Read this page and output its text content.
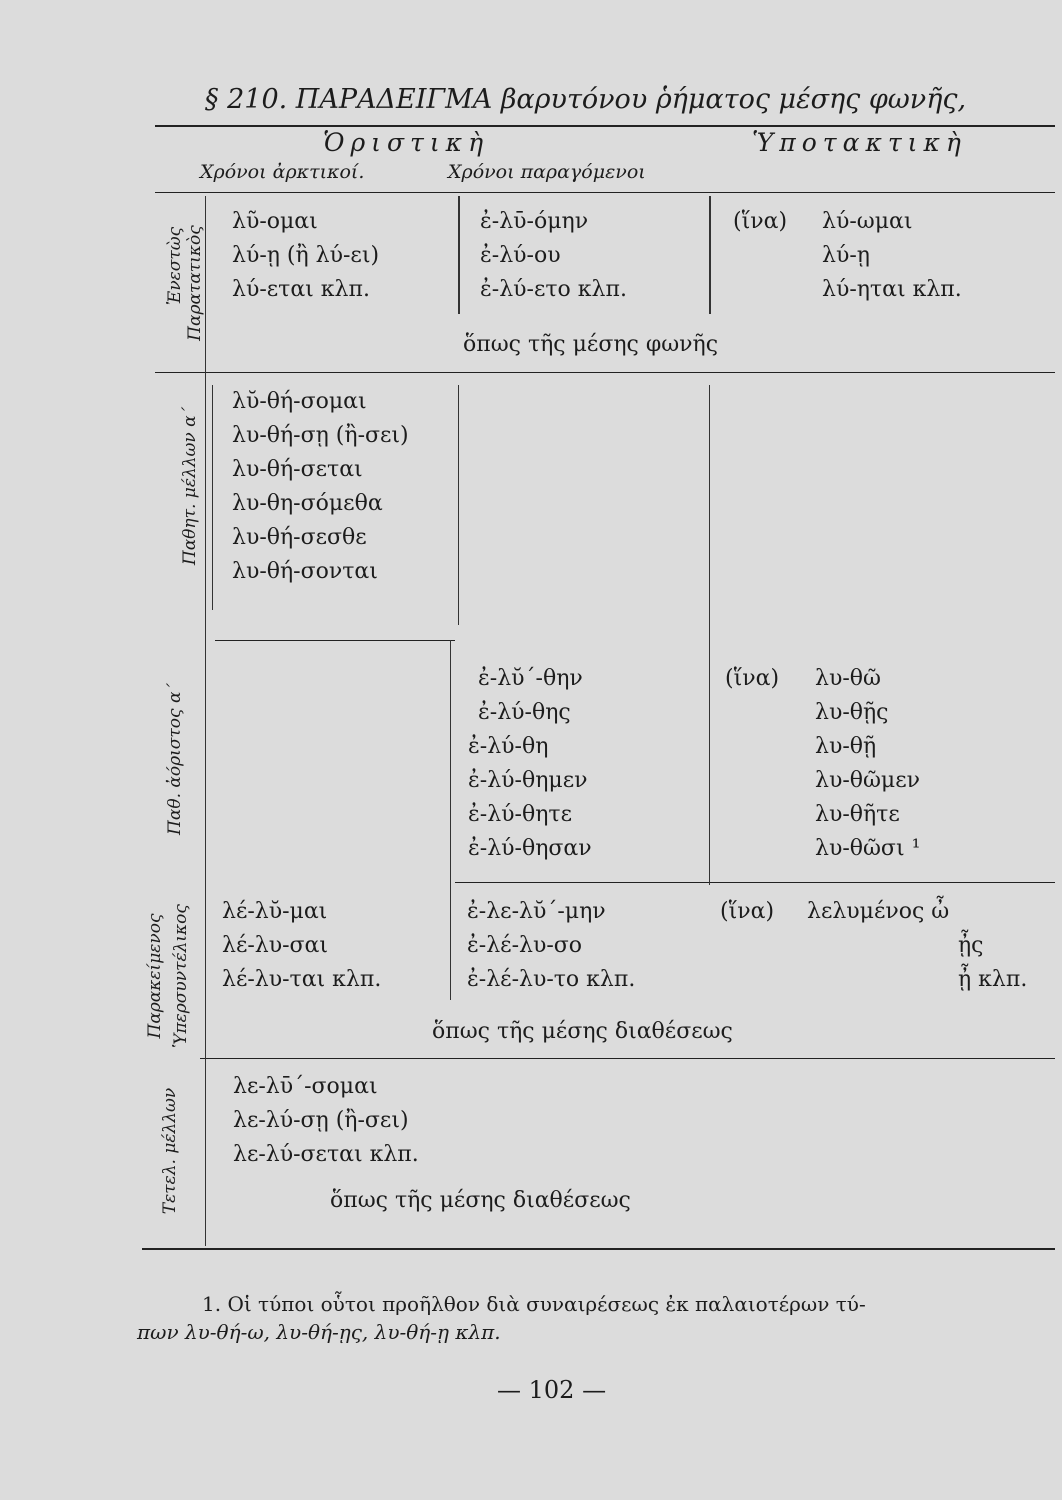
§ 210. ΠΑΡΑΔΕΙΓΜΑ βαρυτόνου ῥήματος μέσης φωνῆς,
Ὁριστικὴ	Ὑποτακτικὴ
Χρόνοι ἀρκτικοί.	Χρόνοι παραγόμενοι
Ἐνεστὼς Παρατατικὸς
λῦ-ομαι
λύ-ῃ (ἢ λύ-ει)
λύ-εται κλπ.
ἐ-λῡ-όμην
ἐ-λύ-ου
ἐ-λύ-ετο κλπ.
(ἵνα) λύ-ωμαι
λύ-ῃ
λύ-ηται κλπ.
ὅπως τῆς μέσης φωνῆς
Παθητ. μέλλων α΄
λῠ-θή-σομαι
λυ-θή-σῃ (ἢ-σει)
λυ-θή-σεται
λυ-θη-σόμεθα
λυ-θή-σεσθε
λυ-θή-σονται
Παθ. ἀόριστος α΄
ἐ-λῠ΄-θην
ἐ-λύ-θης
ἐ-λύ-θη
ἐ-λύ-θημεν
ἐ-λύ-θητε
ἐ-λύ-θησαν
(ἵνα) λυ-θῶ
λυ-θῇς
λυ-θῇ
λυ-θῶμεν
λυ-θῆτε
λυ-θῶσι ¹
Παρακείμενος Ὑπερσυντέλικος λέ-λῠ-μαι
λέ-λυ-σαι
λέ-λυ-ται κλπ.
ἐ-λε-λῠ΄-μην
ἐ-λέ-λυ-σο
ἐ-λέ-λυ-το κλπ.
(ἵνα) λελυμένος ὦ
ᾖς
ᾖ κλπ.
ὅπως τῆς μέσης διαθέσεως
Τετελ. μέλλων
λε-λῡ΄-σομαι
λε-λύ-σῃ (ἢ-σει)
λε-λύ-σεται κλπ.
ὅπως τῆς μέσης διαθέσεως
1. Οἱ τύποι οὗτοι προῆλθον διὰ συναιρέσεως ἐκ παλαιοτέρων τύ-
πων λυ-θή-ω, λυ-θή-ῃς, λυ-θή-ῃ κλπ.
— 102 —
